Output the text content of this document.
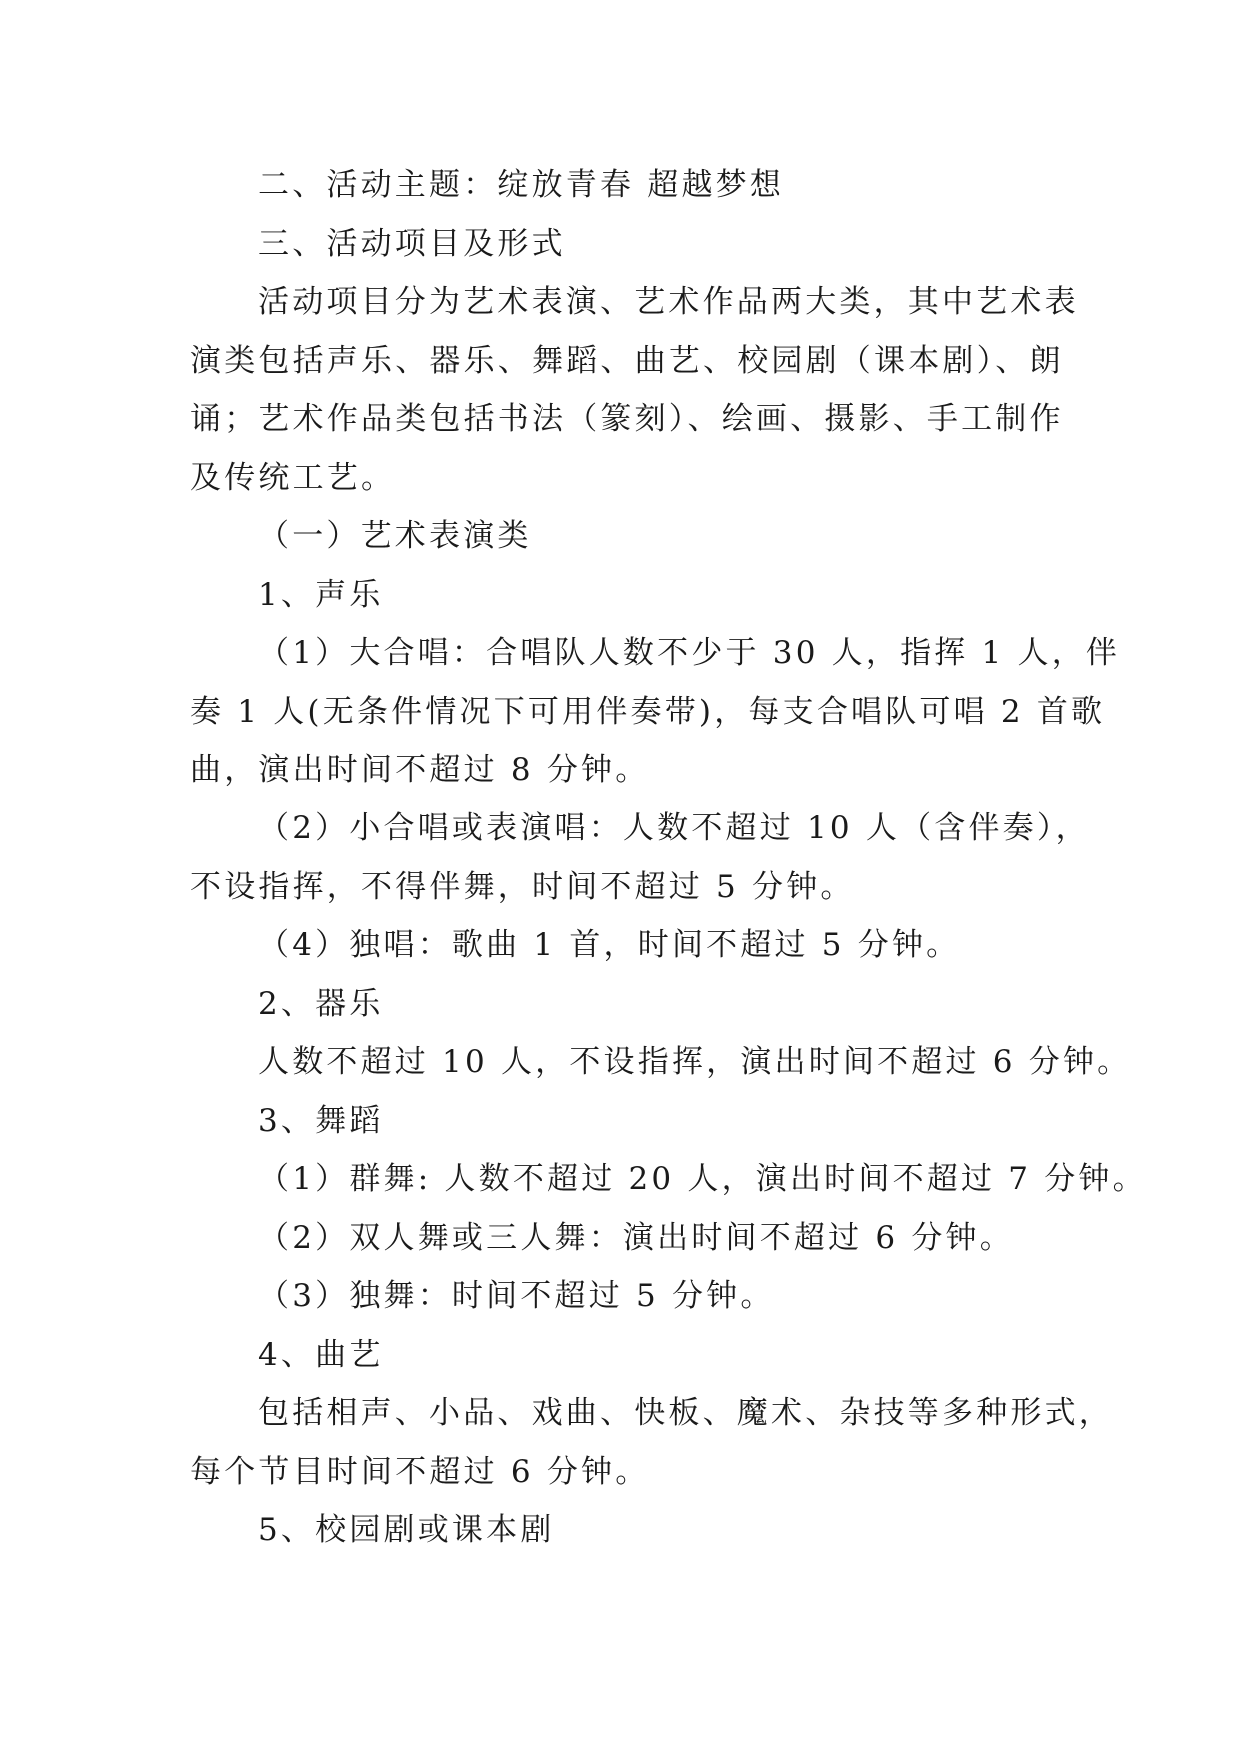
二、活动主题：绽放青春 超越梦想
三、活动项目及形式
活动项目分为艺术表演、艺术作品两大类，其中艺术表
演类包括声乐、器乐、舞蹈、曲艺、校园剧（课本剧）、朗
诵；艺术作品类包括书法（篆刻）、绘画、摄影、手工制作
及传统工艺。
（一）艺术表演类
1、声乐
（1）大合唱：合唱队人数不少于 30 人，指挥 1 人，伴
奏 1 人(无条件情况下可用伴奏带)，每支合唱队可唱 2 首歌
曲，演出时间不超过 8 分钟。
（2）小合唱或表演唱：人数不超过 10 人（含伴奏），
不设指挥，不得伴舞，时间不超过 5 分钟。
（4）独唱：歌曲 1 首，时间不超过 5 分钟。
2、器乐
人数不超过 10 人，不设指挥，演出时间不超过 6 分钟。
3、舞蹈
（1）群舞: 人数不超过 20 人，演出时间不超过 7 分钟。
（2）双人舞或三人舞：演出时间不超过 6 分钟。
（3）独舞：时间不超过 5 分钟。
4、曲艺
包括相声、小品、戏曲、快板、魔术、杂技等多种形式，
每个节目时间不超过 6 分钟。
5、校园剧或课本剧
